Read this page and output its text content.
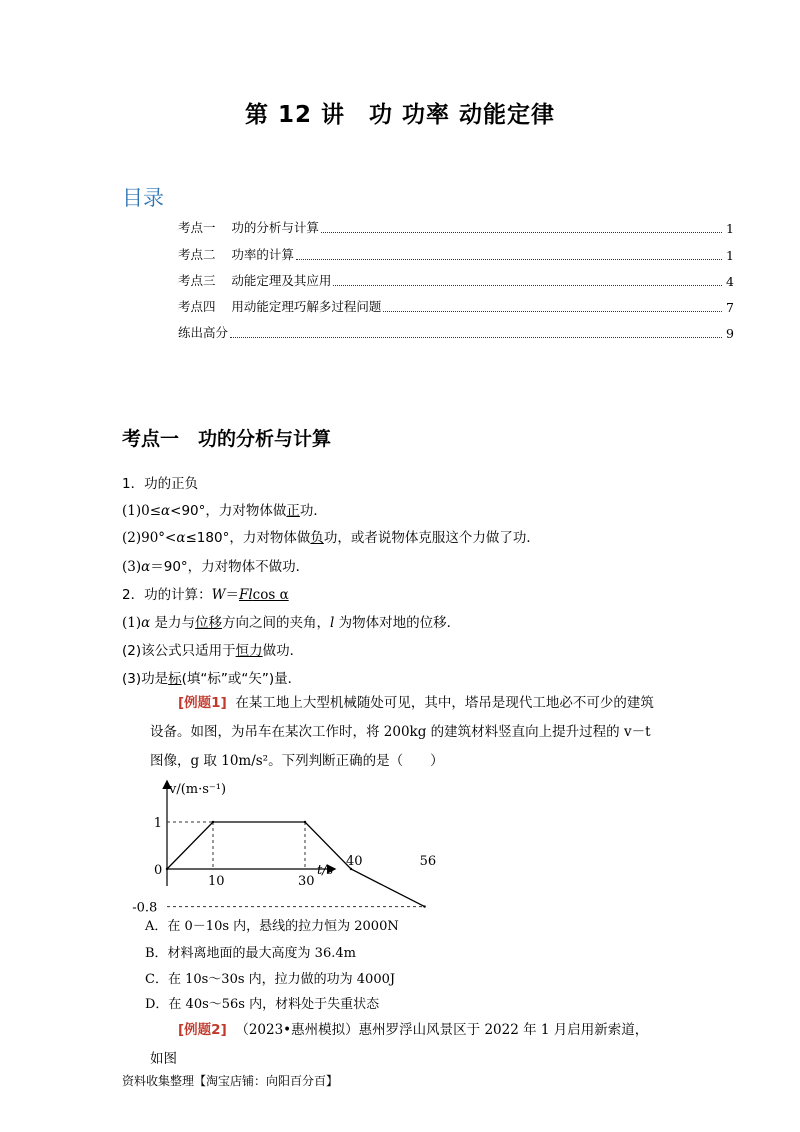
第 12 讲　功 功率 动能定律
目录
考点一    功的分析与计算	1
考点二    功率的计算	1
考点三    动能定理及其应用	4
考点四    用动能定理巧解多过程问题	7
练出高分	9
考点一　功的分析与计算
1．功的正负
(1)0≤α<90°，力对物体做正功．
(2)90°<α≤180°，力对物体做负功，或者说物体克服这个力做了功．
(3)α＝90°，力对物体不做功．
2．功的计算：W＝Flcos α
(1)α 是力与位移方向之间的夹角，l 为物体对地的位移．
(2)该公式只适用于恒力做功．
(3)功是标(填“标”或“矢”)量．
[例题1] 在某工地上大型机械随处可见，其中，塔吊是现代工地必不可少的建筑设备。如图，为吊车在某次工作时，将 200kg 的建筑材料竖直向上提升过程的 v－t 图像，g 取 10m/s²。下列判断正确的是（　　）
v/(m·s⁻¹)
t/s
0
10	30
40	56
1
-0.8
A．在 0－10s 内，悬线的拉力恒为 2000N
B．材料离地面的最大高度为 36.4m
C．在 10s～30s 内，拉力做的功为 4000J
D．在 40s～56s 内，材料处于失重状态
[例题2] （2023•惠州模拟）惠州罗浮山风景区于 2022 年 1 月启用新索道，如图
资料收集整理【淘宝店铺：向阳百分百】
